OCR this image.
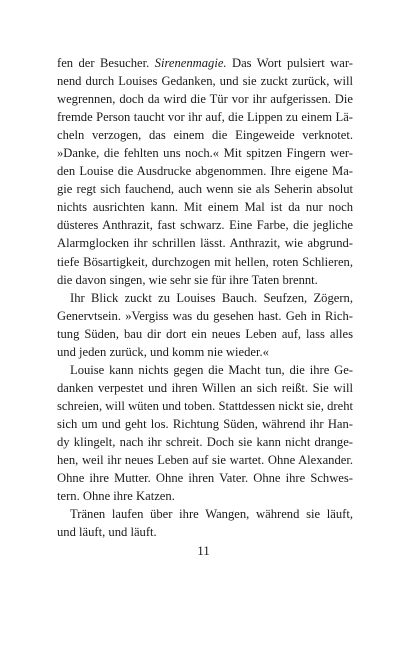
fen der Besucher. Sirenenmagie. Das Wort pulsiert war-
nend durch Louises Gedanken, und sie zuckt zurück, will
wegrennen, doch da wird die Tür vor ihr aufgerissen. Die
fremde Person taucht vor ihr auf, die Lippen zu einem Lä-
cheln verzogen, das einem die Eingeweide verknotet.
»Danke, die fehlten uns noch.« Mit spitzen Fingern wer-
den Louise die Ausdrucke abgenommen. Ihre eigene Ma-
gie regt sich fauchend, auch wenn sie als Seherin absolut
nichts ausrichten kann. Mit einem Mal ist da nur noch
düsteres Anthrazit, fast schwarz. Eine Farbe, die jegliche
Alarmglocken ihr schrillen lässt. Anthrazit, wie abgrund-
tiefe Bösartigkeit, durchzogen mit hellen, roten Schlieren,
die davon singen, wie sehr sie für ihre Taten brennt.
Ihr Blick zuckt zu Louises Bauch. Seufzen, Zögern,
Genervtsein. »Vergiss was du gesehen hast. Geh in Rich-
tung Süden, bau dir dort ein neues Leben auf, lass alles
und jeden zurück, und komm nie wieder.«
Louise kann nichts gegen die Macht tun, die ihre Ge-
danken verpestet und ihren Willen an sich reißt. Sie will
schreien, will wüten und toben. Stattdessen nickt sie, dreht
sich um und geht los. Richtung Süden, während ihr Han-
dy klingelt, nach ihr schreit. Doch sie kann nicht drange-
hen, weil ihr neues Leben auf sie wartet. Ohne Alexander.
Ohne ihre Mutter. Ohne ihren Vater. Ohne ihre Schwes-
tern. Ohne ihre Katzen.
Tränen laufen über ihre Wangen, während sie läuft,
und läuft, und läuft.
11
